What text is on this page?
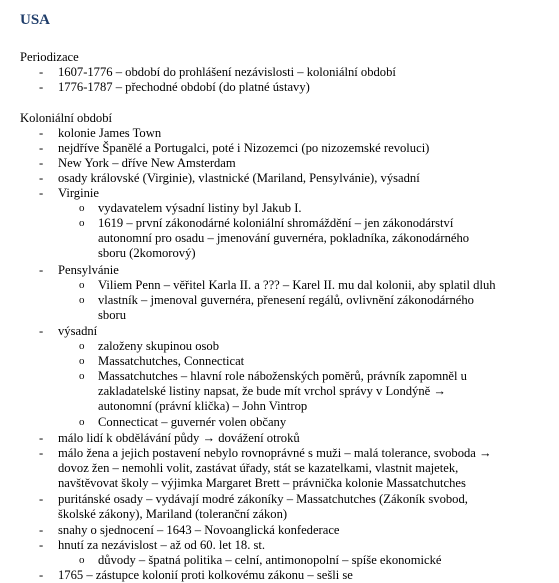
USA
Periodizace
-	1607-1776 – období do prohlášení nezávislosti – koloniální období
-	1776-1787 – přechodné období (do platné ústavy)
Koloniální období
-	kolonie James Town
-	nejdříve Španělé a Portugalci, poté i Nizozemci (po nizozemské revoluci)
-	New York – dříve New Amsterdam
-	osady královské (Virginie), vlastnické (Mariland, Pensylvánie), výsadní
-	Virginie
o	vydavatelem výsadní listiny byl Jakub I.
o	1619 – první zákonodárné koloniální shromáždění – jen zákonodárství
autonomní pro osadu – jmenování guvernéra, pokladníka, zákonodárného
sboru (2komorový)
-	Pensylvánie
o	Viliem Penn – věřitel Karla II. a ??? – Karel II. mu dal kolonii, aby splatil dluh
o	vlastník – jmenoval guvernéra, přenesení regálů, ovlivnění zákonodárného
sboru
-	výsadní
o	založeny skupinou osob
o	Massatchutches, Connecticat
o	Massatchutches – hlavní role náboženských poměrů, právník zapomněl u
zakladatelské listiny napsat, že bude mít vrchol správy v Londýně →
autonomní (právní klička) – John Vintrop
o	Connecticat – guvernér volen občany
-	málo lidí k obdělávání půdy → dovážení otroků
-	málo žena a jejich postavení nebylo rovnoprávné s muži – malá tolerance, svoboda →
dovoz žen – nemohli volit, zastávat úřady, stát se kazatelkami, vlastnit majetek,
navštěvovat školy – výjimka Margaret Brett – právnička kolonie Massatchutches
-	puritánské osady – vydávají modré zákoníky – Massatchutches (Zákoník svobod,
školské zákony), Mariland (toleranční zákon)
-	snahy o sjednocení – 1643 – Novoanglická konfederace
-	hnutí za nezávislost – až od 60. let 18. st.
o	důvody – špatná politika – celní, antimonopolní – spíše ekonomické
-	1765 – zástupce kolonií proti kolkovému zákonu – sešli se
